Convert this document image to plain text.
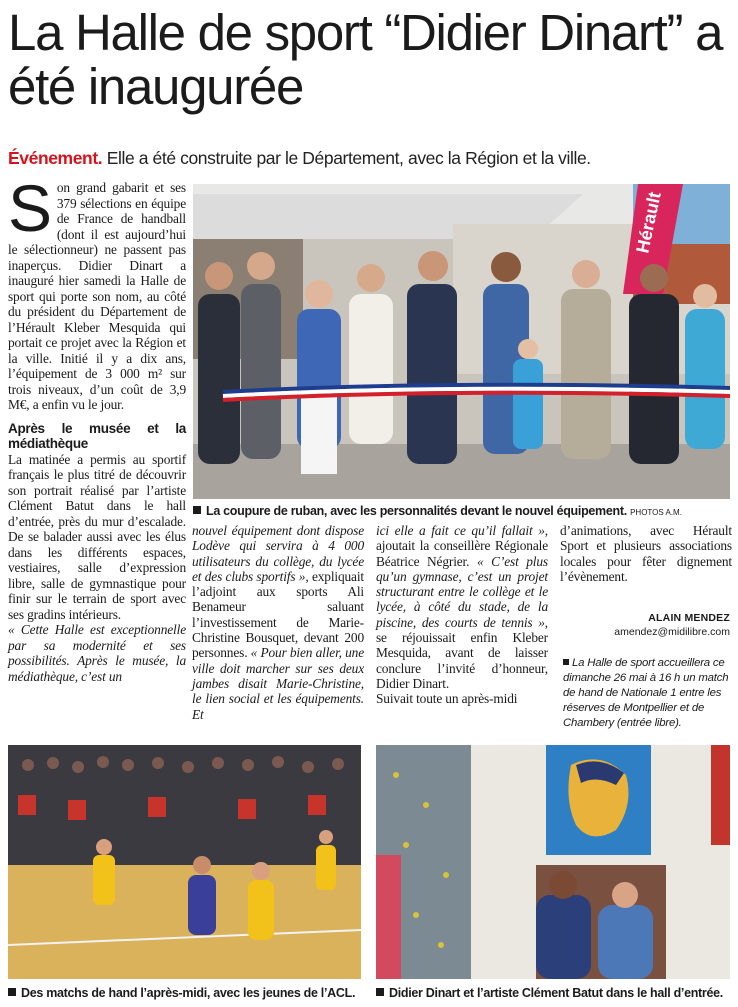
La Halle de sport “Didier Dinart” a été inaugurée
Événement. Elle a été construite par le Département, avec la Région et la ville.

Son grand gabarit et ses 379 sélections en équipe de France de handball (dont il est aujourd’hui le sélectionneur) ne passent pas inaperçus. Didier Dinart a inauguré hier samedi la Halle de sport qui porte son nom, au côté du président du Département de l’Hérault Kleber Mesquida qui portait ce projet avec la Région et la ville. Initié il y a dix ans, l’équipement de 3 000 m² sur trois niveaux, d’un coût de 3,9 M€, a enfin vu le jour.

Après le musée et la médiathèque

La matinée a permis au sportif français le plus titré de découvrir son portrait réalisé par l’artiste Clément Batut dans le hall d’entrée, près du mur d’escalade. De se balader aussi avec les élus dans les différents espaces, vestiaires, salle d’expression libre, salle de gymnastique pour finir sur le terrain de sport avec ses gradins intérieurs.

« Cette Halle est exceptionnelle par sa modernité et ses possibilités. Après le musée, la médiathèque, c’est un

Hérault
La coupure de ruban, avec les personnalités devant le nouvel équipement. PHOTOS A.M.

nouvel équipement dont dispose Lodève qui servira à 4 000 utilisateurs du collège, du lycée et des clubs sportifs », expliquait l’adjoint aux sports Ali Benameur saluant l’investissement de Marie-Christine Bousquet, devant 200 personnes. « Pour bien aller, une ville doit marcher sur ses deux jambes disait Marie-Christine, le lien social et les équipements. Et

ici elle a fait ce qu’il fallait », ajoutait la conseillère Régionale Béatrice Négrier. « C’est plus qu’un gymnase, c’est un projet structurant entre le collège et le lycée, à côté du stade, de la piscine, des courts de tennis », se réjouissait enfin Kleber Mesquida, avant de laisser conclure l’invité d’honneur, Didier Dinart.

Suivait toute un après-midi

d’animations, avec Hérault Sport et plusieurs associations locales pour fêter dignement l’évènement.

ALAIN MENDEZ
amendez@midilibre.com
La Halle de sport accueillera ce dimanche 26 mai à 16 h un match de hand de Nationale 1 entre les réserves de Montpellier et de Chambery (entrée libre).
Des matchs de hand l’après-midi, avec les jeunes de l’ACL.	Didier Dinart et l’artiste Clément Batut dans le hall d’entrée.
